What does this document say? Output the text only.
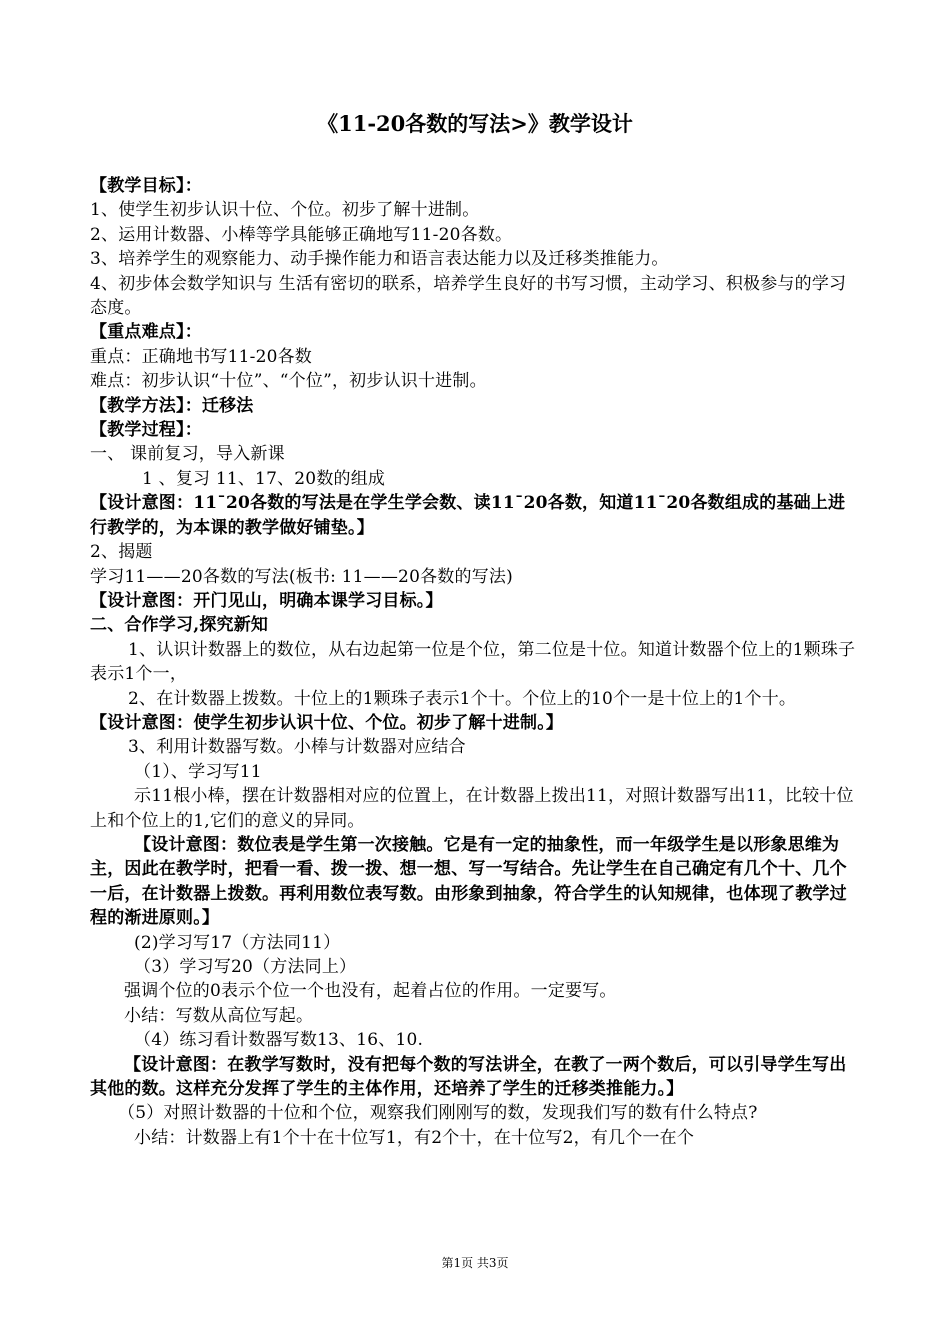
《11-20各数的写法>》教学设计

【教学目标】：

1、使学生初步认识十位、个位。初步了解十进制。

2、运用计数器、小棒等学具能够正确地写11-20各数。

3、培养学生的观察能力、动手操作能力和语言表达能力以及迁移类推能力。

4、初步体会数学知识与 生活有密切的联系，培养学生良好的书写习惯，主动学习、积极参与的学习态度。

【重点难点】：

重点：正确地书写11-20各数

难点：初步认识“十位”、“个位”，初步认识十进制。

【教学方法】：迁移法

【教学过程】：

一、 课前复习，导入新课

1 、复习 11、17、20数的组成

【设计意图：11ˉ20各数的写法是在学生学会数、读11ˉ20各数，知道11ˉ20各数组成的基础上进行教学的，为本课的教学做好铺垫。】

2、揭题

学习11——20各数的写法(板书: 11——20各数的写法)

【设计意图：开门见山，明确本课学习目标。】

二、合作学习,探究新知

1、认识计数器上的数位，从右边起第一位是个位，第二位是十位。知道计数器个位上的1颗珠子表示1个一，

2、在计数器上拨数。十位上的1颗珠子表示1个十。个位上的10个一是十位上的1个十。

【设计意图：使学生初步认识十位、个位。初步了解十进制。】

3、利用计数器写数。小棒与计数器对应结合

（1）、学习写11

示11根小棒，摆在计数器相对应的位置上，在计数器上拨出11，对照计数器写出11，比较十位上和个位上的1,它们的意义的异同。

【设计意图：数位表是学生第一次接触。它是有一定的抽象性，而一年级学生是以形象思维为主，因此在教学时，把看一看、拨一拨、想一想、写一写结合。先让学生在自己确定有几个十、几个一后，在计数器上拨数。再利用数位表写数。由形象到抽象，符合学生的认知规律，也体现了教学过程的渐进原则。】

(2)学习写17（方法同11）

（3）学习写20（方法同上）

强调个位的0表示个位一个也没有，起着占位的作用。一定要写。

小结：写数从高位写起。

（4）练习看计数器写数13、16、10.

【设计意图：在教学写数时，没有把每个数的写法讲全，在教了一两个数后，可以引导学生写出其他的数。这样充分发挥了学生的主体作用，还培养了学生的迁移类推能力。】

（5）对照计数器的十位和个位，观察我们刚刚写的数，发现我们写的数有什么特点?

小结：计数器上有1个十在十位写1，有2个十，在十位写2，有几个一在个

第1页 共3页
